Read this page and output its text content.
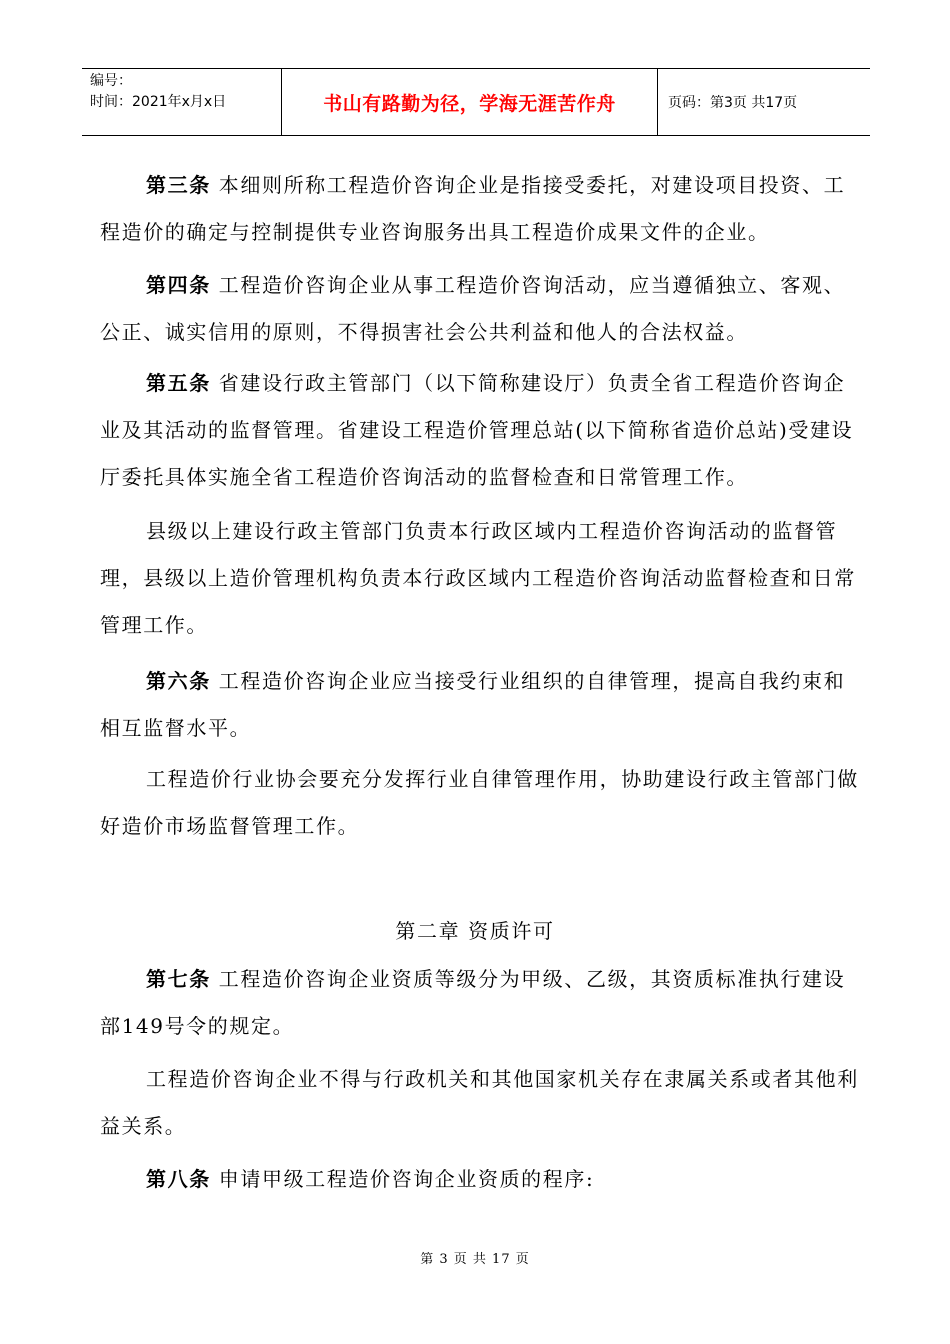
编号：
时间：2021年x月x日	书山有路勤为径，学海无涯苦作舟	页码：第3页 共17页

第三条 本细则所称工程造价咨询企业是指接受委托，对建设项目投资、工程造价的确定与控制提供专业咨询服务出具工程造价成果文件的企业。

第四条 工程造价咨询企业从事工程造价咨询活动，应当遵循独立、客观、公正、诚实信用的原则，不得损害社会公共利益和他人的合法权益。

第五条 省建设行政主管部门（以下简称建设厅）负责全省工程造价咨询企业及其活动的监督管理。省建设工程造价管理总站(以下简称省造价总站)受建设厅委托具体实施全省工程造价咨询活动的监督检查和日常管理工作。

县级以上建设行政主管部门负责本行政区域内工程造价咨询活动的监督管理，县级以上造价管理机构负责本行政区域内工程造价咨询活动监督检查和日常管理工作。

第六条 工程造价咨询企业应当接受行业组织的自律管理，提高自我约束和相互监督水平。

工程造价行业协会要充分发挥行业自律管理作用，协助建设行政主管部门做好造价市场监督管理工作。

第二章 资质许可

第七条 工程造价咨询企业资质等级分为甲级、乙级，其资质标准执行建设部149号令的规定。

工程造价咨询企业不得与行政机关和其他国家机关存在隶属关系或者其他利益关系。

第八条 申请甲级工程造价咨询企业资质的程序:

第 3 页 共 17 页
